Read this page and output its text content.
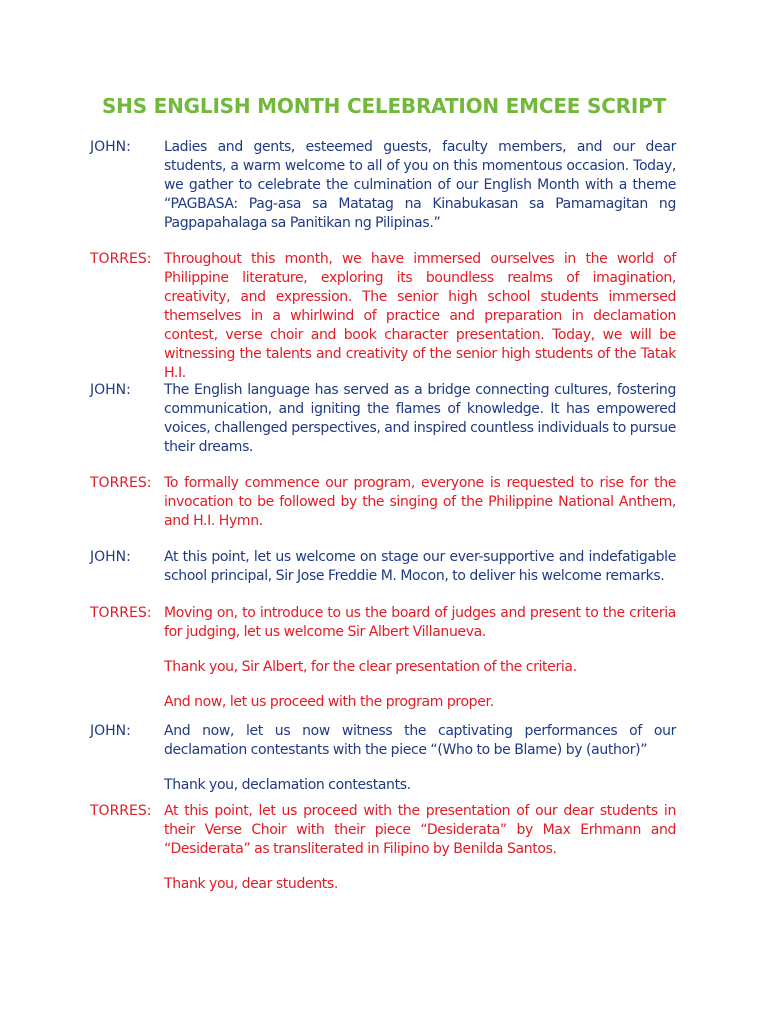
SHS ENGLISH MONTH CELEBRATION EMCEE SCRIPT
JOHN:	Ladies and gents, esteemed guests, faculty members, and our dear students, a warm welcome to all of you on this momentous occasion. Today, we gather to celebrate the culmination of our English Month with a theme “PAGBASA: Pag-asa sa Matatag na Kinabukasan sa Pamamagitan ng Pagpapahalaga sa Panitikan ng Pilipinas.”

TORRES: Throughout this month, we have immersed ourselves in the world of Philippine literature, exploring its boundless realms of imagination, creativity, and expression. The senior high school students immersed themselves in a whirlwind of practice and preparation in declamation contest, verse choir and book character presentation. Today, we will be witnessing the talents and creativity of the senior high students of the Tatak H.I.

JOHN:	The English language has served as a bridge connecting cultures, fostering communication, and igniting the flames of knowledge. It has empowered voices, challenged perspectives, and inspired countless individuals to pursue their dreams.

TORRES: To formally commence our program, everyone is requested to rise for the invocation to be followed by the singing of the Philippine National Anthem, and H.I. Hymn.

JOHN:	At this point, let us welcome on stage our ever-supportive and indefatigable school principal, Sir Jose Freddie M. Mocon, to deliver his welcome remarks.

TORRES: Moving on, to introduce to us the board of judges and present to the criteria for judging, let us welcome Sir Albert Villanueva.

Thank you, Sir Albert, for the clear presentation of the criteria.

And now, let us proceed with the program proper.

JOHN:	And now, let us now witness the captivating performances of our declamation contestants with the piece “(Who to be Blame) by (author)”

Thank you, declamation contestants.

TORRES: At this point, let us proceed with the presentation of our dear students in their Verse Choir with their piece “Desiderata” by Max Erhmann and “Desiderata” as transliterated in Filipino by Benilda Santos.

Thank you, dear students.
